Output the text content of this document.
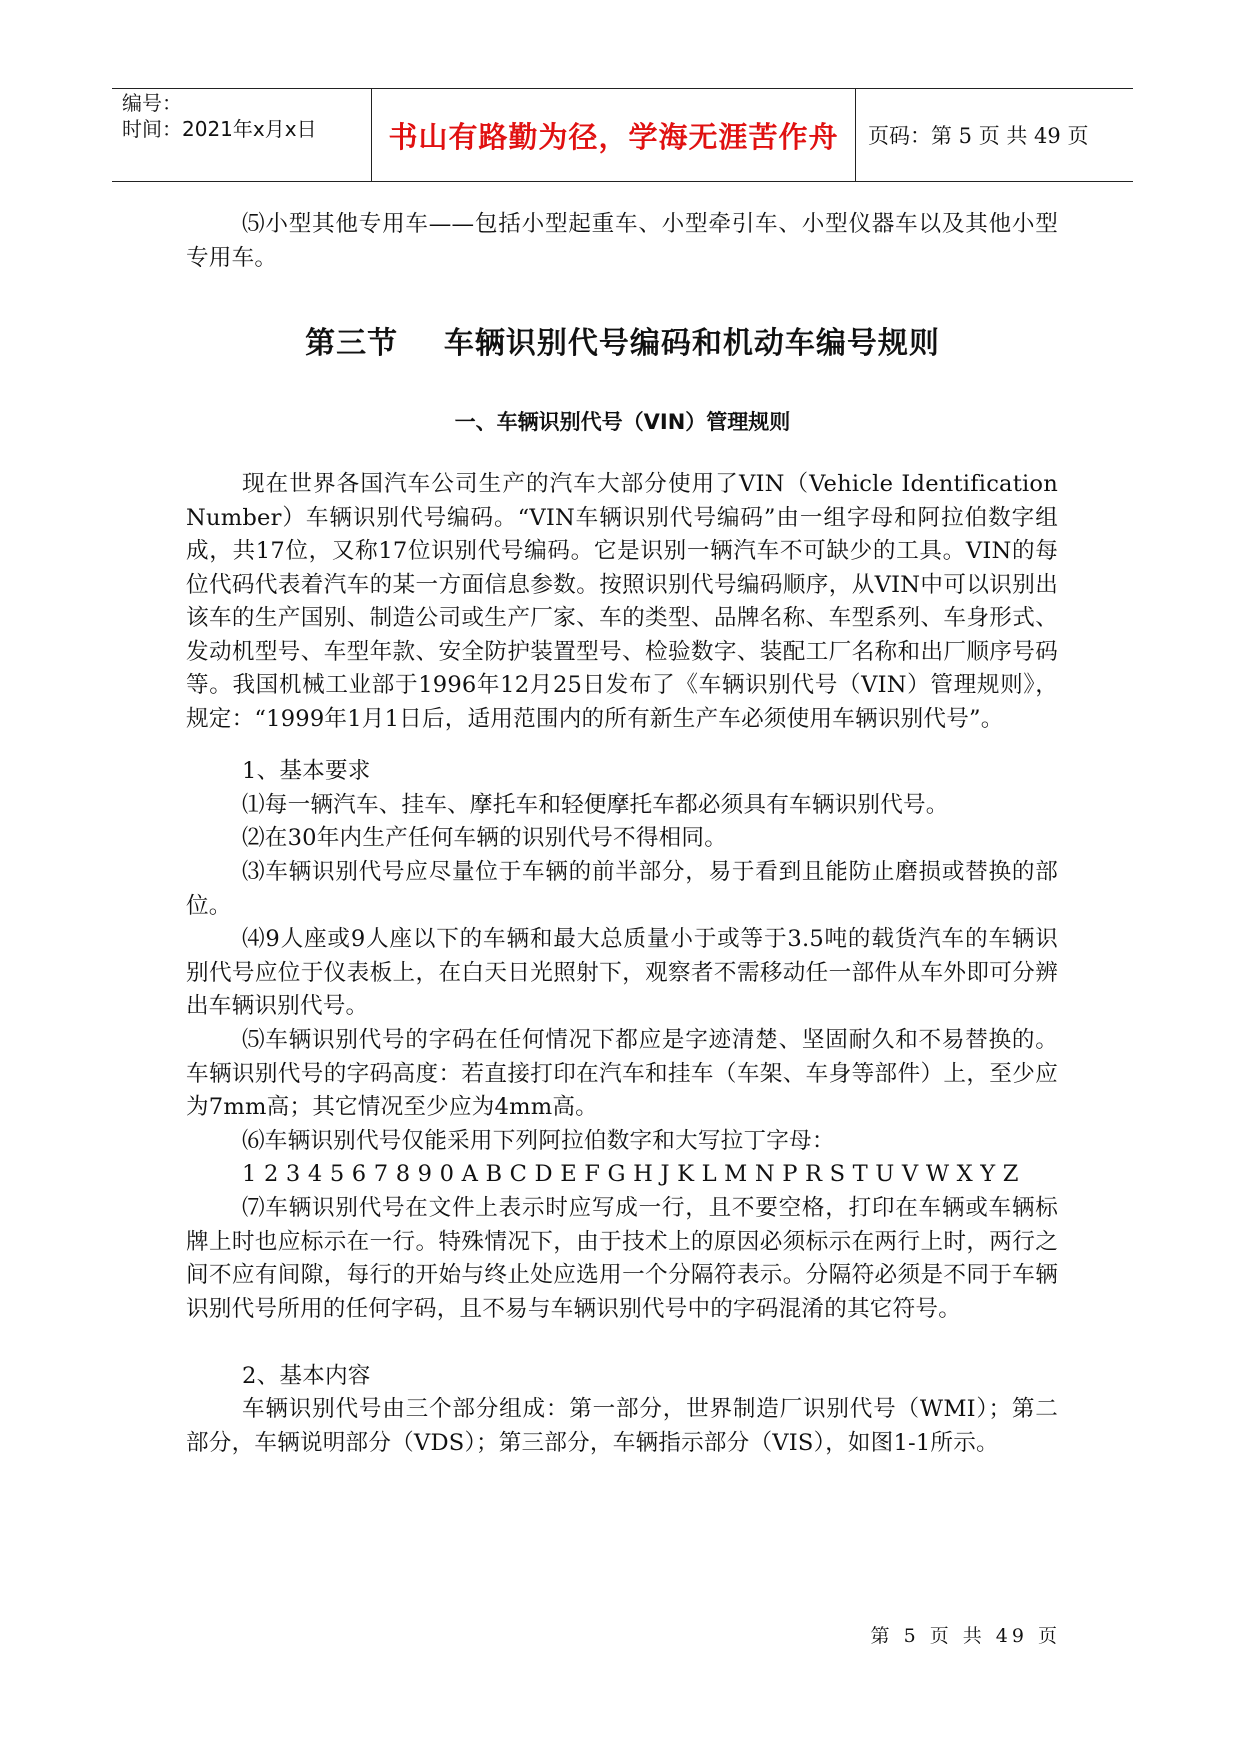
编号：
时间：2021年x月x日 书山有路勤为径，学海无涯苦作舟 页码：第 5 页 共 49 页

⑸小型其他专用车——包括小型起重车、小型牵引车、小型仪器车以及其他小型专用车。

第三节    车辆识别代号编码和机动车编号规则
一、车辆识别代号（VIN）管理规则

现在世界各国汽车公司生产的汽车大部分使用了VIN（Vehicle Identification Number）车辆识别代号编码。“VIN车辆识别代号编码”由一组字母和阿拉伯数字组成，共17位，又称17位识别代号编码。它是识别一辆汽车不可缺少的工具。VIN的每位代码代表着汽车的某一方面信息参数。按照识别代号编码顺序，从VIN中可以识别出该车的生产国别、制造公司或生产厂家、车的类型、品牌名称、车型系列、车身形式、发动机型号、车型年款、安全防护装置型号、检验数字、装配工厂名称和出厂顺序号码等。我国机械工业部于1996年12月25日发布了《车辆识别代号（VIN）管理规则》，规定：“1999年1月1日后，适用范围内的所有新生产车必须使用车辆识别代号”。

1、基本要求
⑴每一辆汽车、挂车、摩托车和轻便摩托车都必须具有车辆识别代号。
⑵在30年内生产任何车辆的识别代号不得相同。

⑶车辆识别代号应尽量位于车辆的前半部分，易于看到且能防止磨损或替换的部位。

⑷9人座或9人座以下的车辆和最大总质量小于或等于3.5吨的载货汽车的车辆识别代号应位于仪表板上，在白天日光照射下，观察者不需移动任一部件从车外即可分辨出车辆识别代号。

⑸车辆识别代号的字码在任何情况下都应是字迹清楚、坚固耐久和不易替换的。车辆识别代号的字码高度：若直接打印在汽车和挂车（车架、车身等部件）上，至少应为7mm高；其它情况至少应为4mm高。

⑹车辆识别代号仅能采用下列阿拉伯数字和大写拉丁字母：
1 2 3 4 5 6 7 8 9 0 A B C D E F G H J K L M N P R S T U V W X Y Z

⑺车辆识别代号在文件上表示时应写成一行，且不要空格，打印在车辆或车辆标牌上时也应标示在一行。特殊情况下，由于技术上的原因必须标示在两行上时，两行之间不应有间隙，每行的开始与终止处应选用一个分隔符表示。分隔符必须是不同于车辆识别代号所用的任何字码，且不易与车辆识别代号中的字码混淆的其它符号。

2、基本内容

车辆识别代号由三个部分组成：第一部分，世界制造厂识别代号（WMI）；第二部分，车辆说明部分（VDS）；第三部分，车辆指示部分（VIS），如图1-1所示。

第 5 页 共 49 页
